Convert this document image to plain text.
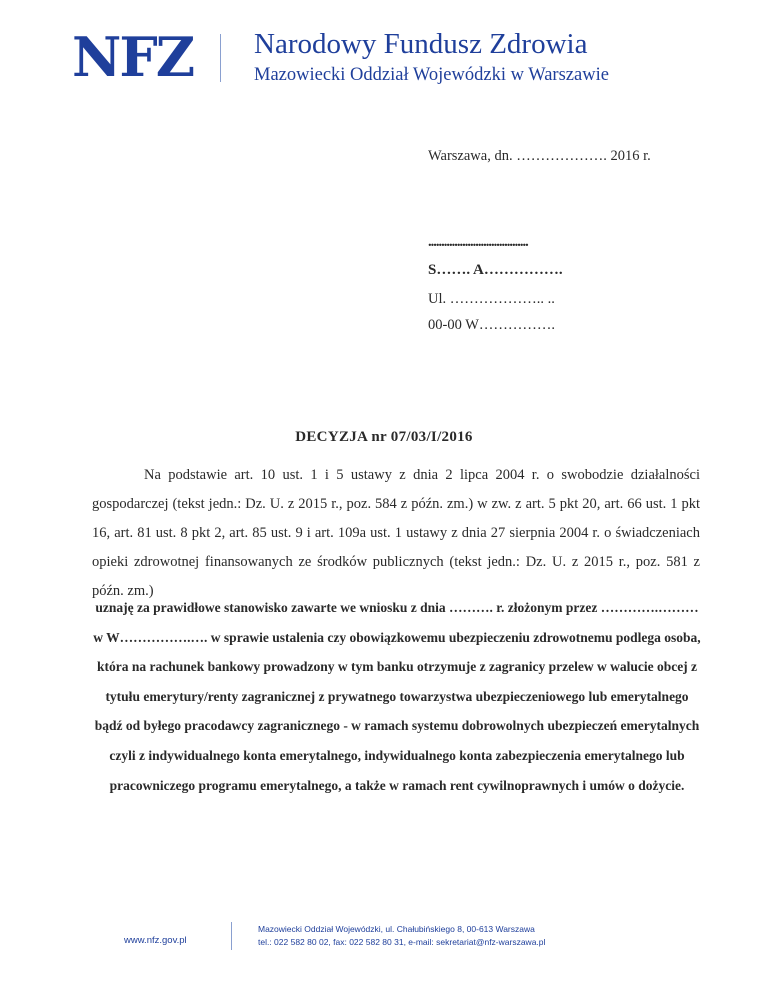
NFZ Narodowy Fundusz Zdrowia
Mazowiecki Oddział Wojewódzki w Warszawie
Warszawa, dn. ………………. 2016 r.
......................................
S……. A…………….
Ul. ……………….. ..
00-00 W…………….
DECYZJA nr 07/03/I/2016

Na podstawie art. 10 ust. 1 i 5 ustawy z dnia 2 lipca 2004 r. o swobodzie działalności gospodarczej (tekst jedn.: Dz. U. z 2015 r., poz. 584 z późn. zm.) w zw. z art. 5 pkt 20, art. 66 ust. 1 pkt 16, art. 81 ust. 8 pkt 2, art. 85 ust. 9 i art. 109a ust. 1 ustawy z dnia 27 sierpnia 2004 r. o świadczeniach opieki zdrowotnej finansowanych ze środków publicznych (tekst jedn.: Dz. U. z 2015 r., poz. 581 z późn. zm.)

uznaję za prawidłowe stanowisko zawarte we wniosku z dnia ………. r. złożonym przez ………….……… w W…………….…. w sprawie ustalenia czy obowiązkowemu ubezpieczeniu zdrowotnemu podlega osoba, która na rachunek bankowy prowadzony w tym banku otrzymuje z zagranicy przelew w walucie obcej z tytułu emerytury/renty zagranicznej z prywatnego towarzystwa ubezpieczeniowego lub emerytalnego bądź od byłego pracodawcy zagranicznego - w ramach systemu dobrowolnych ubezpieczeń emerytalnych czyli z indywidualnego konta emerytalnego, indywidualnego konta zabezpieczenia emerytalnego lub pracowniczego programu emerytalnego, a także w ramach rent cywilnoprawnych i umów o dożycie.

www.nfz.gov.pl
Mazowiecki Oddział Wojewódzki, ul. Chałubińskiego 8, 00-613 Warszawa
tel.: 022 582 80 02, fax: 022 582 80 31, e-mail: sekretariat@nfz-warszawa.pl
